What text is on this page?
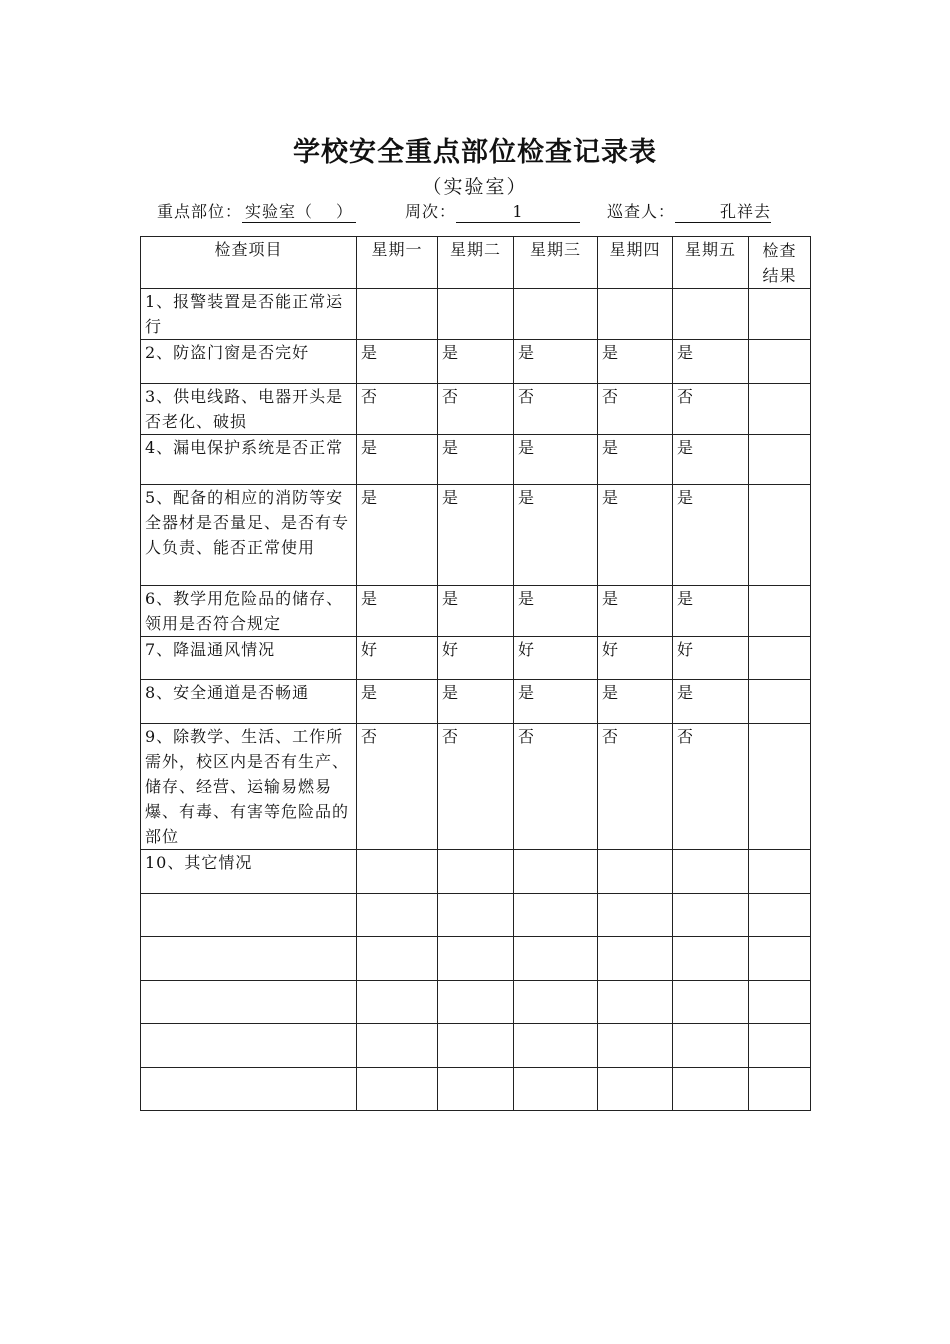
学校安全重点部位检查记录表
（实验室）
重点部位： 实验室（　 ）	周次：	1	巡查人：	孔祥去
检查项目	星期一	星期二	星期三	星期四	星期五	检查结果
1、报警装置是否能正常运行						
2、防盗门窗是否完好	是	是	是	是	是	
3、供电线路、电器开头是否老化、破损	否	否	否	否	否	
4、漏电保护系统是否正常	是	是	是	是	是	
5、配备的相应的消防等安全器材是否量足、是否有专人负责、能否正常使用	是	是	是	是	是	
6、教学用危险品的储存、领用是否符合规定	是	是	是	是	是	
7、降温通风情况	好	好	好	好	好	
8、安全通道是否畅通	是	是	是	是	是	
9、除教学、生活、工作所需外，校区内是否有生产、储存、经营、运输易燃易爆、有毒、有害等危险品的部位	否	否	否	否	否	
10、其它情况						
